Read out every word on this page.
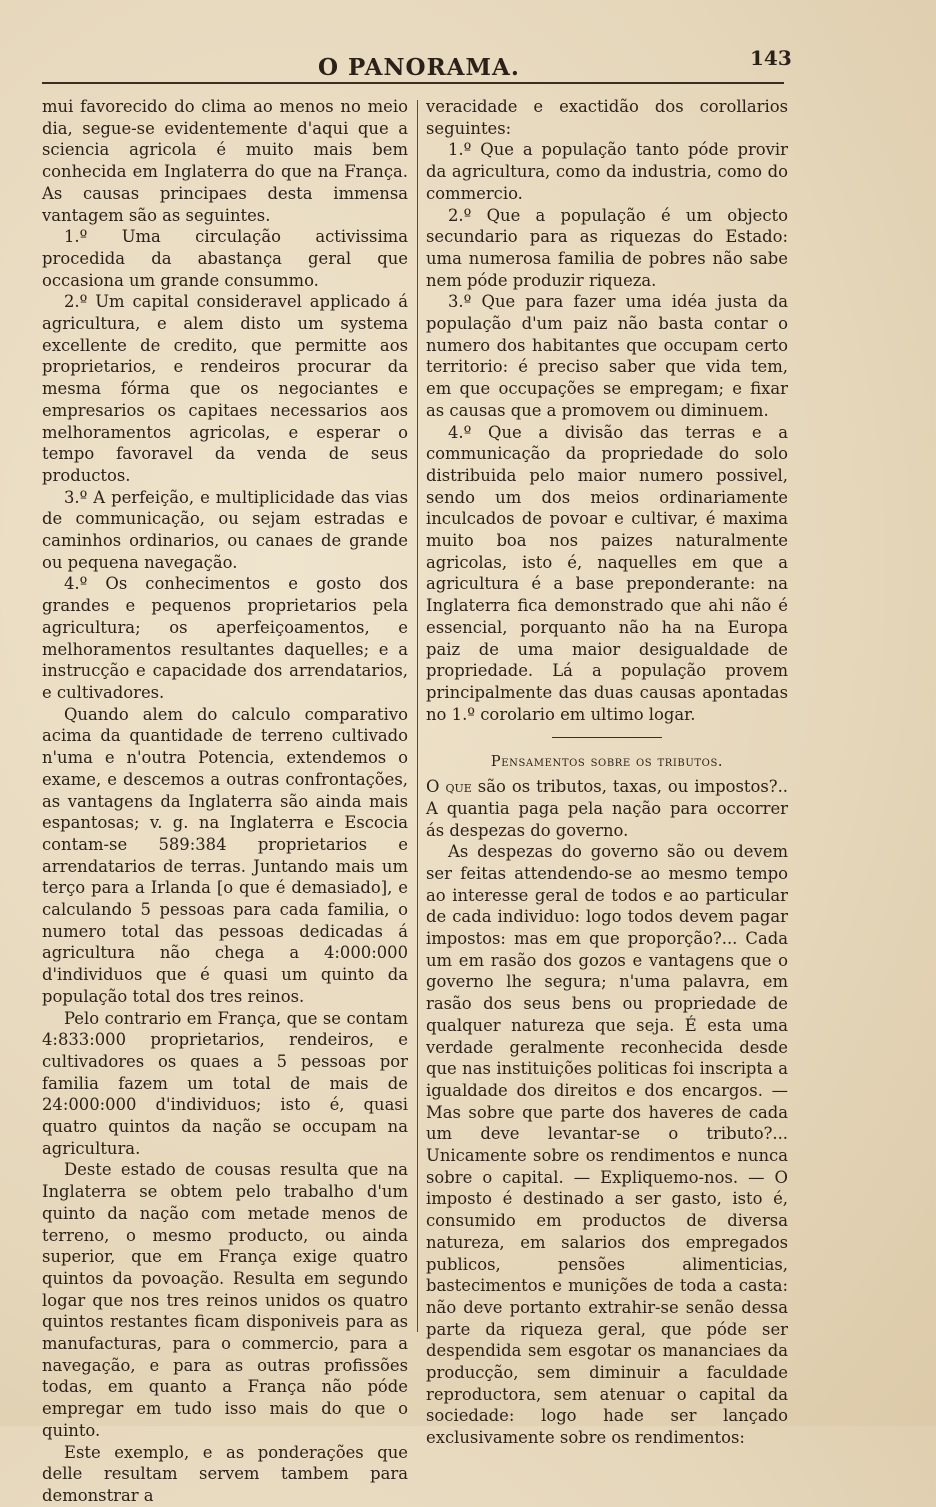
O PANORAMA.	143

mui favorecido do clima ao menos no meio dia, segue-se evidentemente d'aqui que a sciencia agricola é muito mais bem conhecida em Inglaterra do que na França. As causas principaes desta immensa vantagem são as seguintes.

1.º Uma circulação activissima procedida da abastança geral que occasiona um grande consummo.

2.º Um capital consideravel applicado á agricultura, e alem disto um systema excellente de credito, que permitte aos proprietarios, e rendeiros procurar da mesma fórma que os negociantes e empresarios os capitaes necessarios aos melhoramentos agricolas, e esperar o tempo favoravel da venda de seus productos.

3.º A perfeição, e multiplicidade das vias de communicação, ou sejam estradas e caminhos ordinarios, ou canaes de grande ou pequena navegação.

4.º Os conhecimentos e gosto dos grandes e pequenos proprietarios pela agricultura; os aperfeiçoamentos, e melhoramentos resultantes daquelles; e a instrucção e capacidade dos arrendatarios, e cultivadores.

Quando alem do calculo comparativo acima da quantidade de terreno cultivado n'uma e n'outra Potencia, extendemos o exame, e descemos a outras confrontações, as vantagens da Inglaterra são ainda mais espantosas; v. g. na Inglaterra e Escocia contam-se 589:384 proprietarios e arrendatarios de terras. Juntando mais um terço para a Irlanda [o que é demasiado], e calculando 5 pessoas para cada familia, o numero total das pessoas dedicadas á agricultura não chega a 4:000:000 d'individuos que é quasi um quinto da população total dos tres reinos.

Pelo contrario em França, que se contam 4:833:000 proprietarios, rendeiros, e cultivadores os quaes a 5 pessoas por familia fazem um total de mais de 24:000:000 d'individuos; isto é, quasi quatro quintos da nação se occupam na agricultura.

Deste estado de cousas resulta que na Inglaterra se obtem pelo trabalho d'um quinto da nação com metade menos de terreno, o mesmo producto, ou ainda superior, que em França exige quatro quintos da povoação. Resulta em segundo logar que nos tres reinos unidos os quatro quintos restantes ficam disponiveis para as manufacturas, para o commercio, para a navegação, e para as outras profissões todas, em quanto a França não póde empregar em tudo isso mais do que o quinto.

Este exemplo, e as ponderações que delle resultam servem tambem para demonstrar a

veracidade e exactidão dos corollarios seguintes:

1.º Que a população tanto póde provir da agricultura, como da industria, como do commercio.

2.º Que a população é um objecto secundario para as riquezas do Estado: uma numerosa familia de pobres não sabe nem póde produzir riqueza.

3.º Que para fazer uma idéa justa da população d'um paiz não basta contar o numero dos habitantes que occupam certo territorio: é preciso saber que vida tem, em que occupações se empregam; e fixar as causas que a promovem ou diminuem.

4.º Que a divisão das terras e a communicação da propriedade do solo distribuida pelo maior numero possivel, sendo um dos meios ordinariamente inculcados de povoar e cultivar, é maxima muito boa nos paizes naturalmente agricolas, isto é, naquelles em que a agricultura é a base preponderante: na Inglaterra fica demonstrado que ahi não é essencial, porquanto não ha na Europa paiz de uma maior desigualdade de propriedade. Lá a população provem principalmente das duas causas apontadas no 1.º corolario em ultimo logar.

Pensamentos sobre os tributos.

O que são os tributos, taxas, ou impostos?.. A quantia paga pela nação para occorrer ás despezas do governo.

As despezas do governo são ou devem ser feitas attendendo-se ao mesmo tempo ao interesse geral de todos e ao particular de cada individuo: logo todos devem pagar impostos: mas em que proporção?... Cada um em rasão dos gozos e vantagens que o governo lhe segura; n'uma palavra, em rasão dos seus bens ou propriedade de qualquer natureza que seja. É esta uma verdade geralmente reconhecida desde que nas instituições politicas foi inscripta a igualdade dos direitos e dos encargos. — Mas sobre que parte dos haveres de cada um deve levantar-se o tributo?... Unicamente sobre os rendimentos e nunca sobre o capital. — Expliquemo-nos. — O imposto é destinado a ser gasto, isto é, consumido em productos de diversa natureza, em salarios dos empregados publicos, pensões alimenticias, bastecimentos e munições de toda a casta: não deve portanto extrahir-se senão dessa parte da riqueza geral, que póde ser despendida sem esgotar os mananciaes da producção, sem diminuir a faculdade reproductora, sem atenuar o capital da sociedade: logo hade ser lançado exclusivamente sobre os rendimentos:
